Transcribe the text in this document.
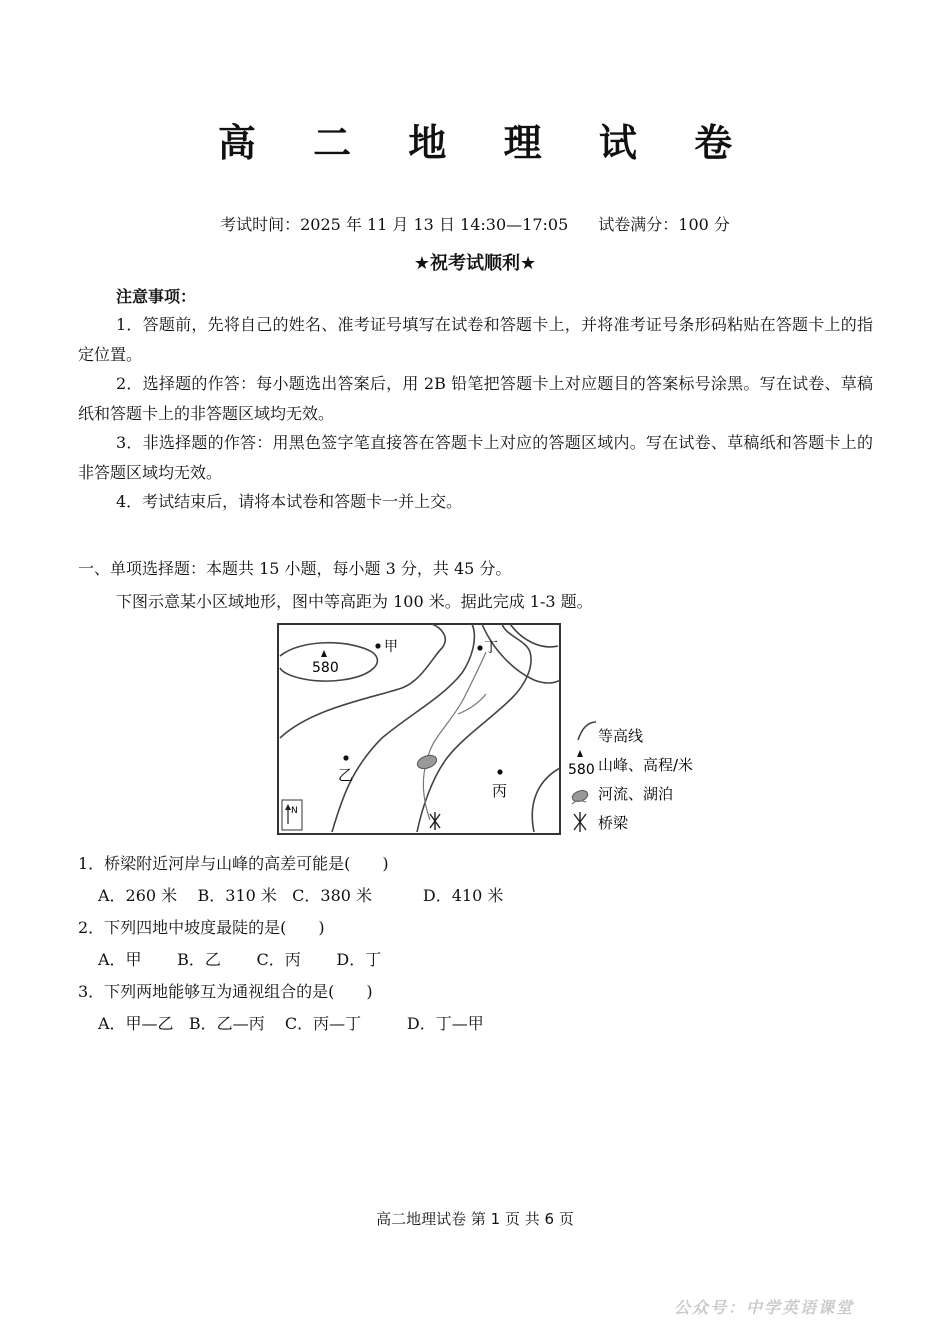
高 二 地 理 试 卷
考试时间：2025 年 11 月 13 日 14:30—17:05 试卷满分：100 分
★祝考试顺利★
注意事项：

1．答题前，先将自己的姓名、准考证号填写在试卷和答题卡上，并将准考证号条形码粘贴在答题卡上的指定位置。

2．选择题的作答：每小题选出答案后，用 2B 铅笔把答题卡上对应题目的答案标号涂黑。写在试卷、草稿纸和答题卡上的非答题区域均无效。

3．非选择题的作答：用黑色签字笔直接答在答题卡上对应的答题区域内。写在试卷、草稿纸和答题卡上的非答题区域均无效。

4．考试结束后，请将本试卷和答题卡一并上交。

一、单项选择题：本题共 15 小题，每小题 3 分，共 45 分。
下图示意某小区域地形，图中等高距为 100 米。据此完成 1-3 题。
580
甲
乙
丙
丁
N
等高线
580 山峰、高程/米
河流、湖泊
桥梁

1．桥梁附近河岸与山峰的高差可能是(　　)

A．260 米    B．310 米   C．380 米          D．410 米

2．下列四地中坡度最陡的是(　　)

A．甲       B．乙       C．丙       D．丁

3．下列两地能够互为通视组合的是(　　)

A．甲—乙   B．乙—丙    C．丙—丁         D．丁—甲

高二地理试卷 第 1 页 共 6 页
公众号：中学英语课堂
